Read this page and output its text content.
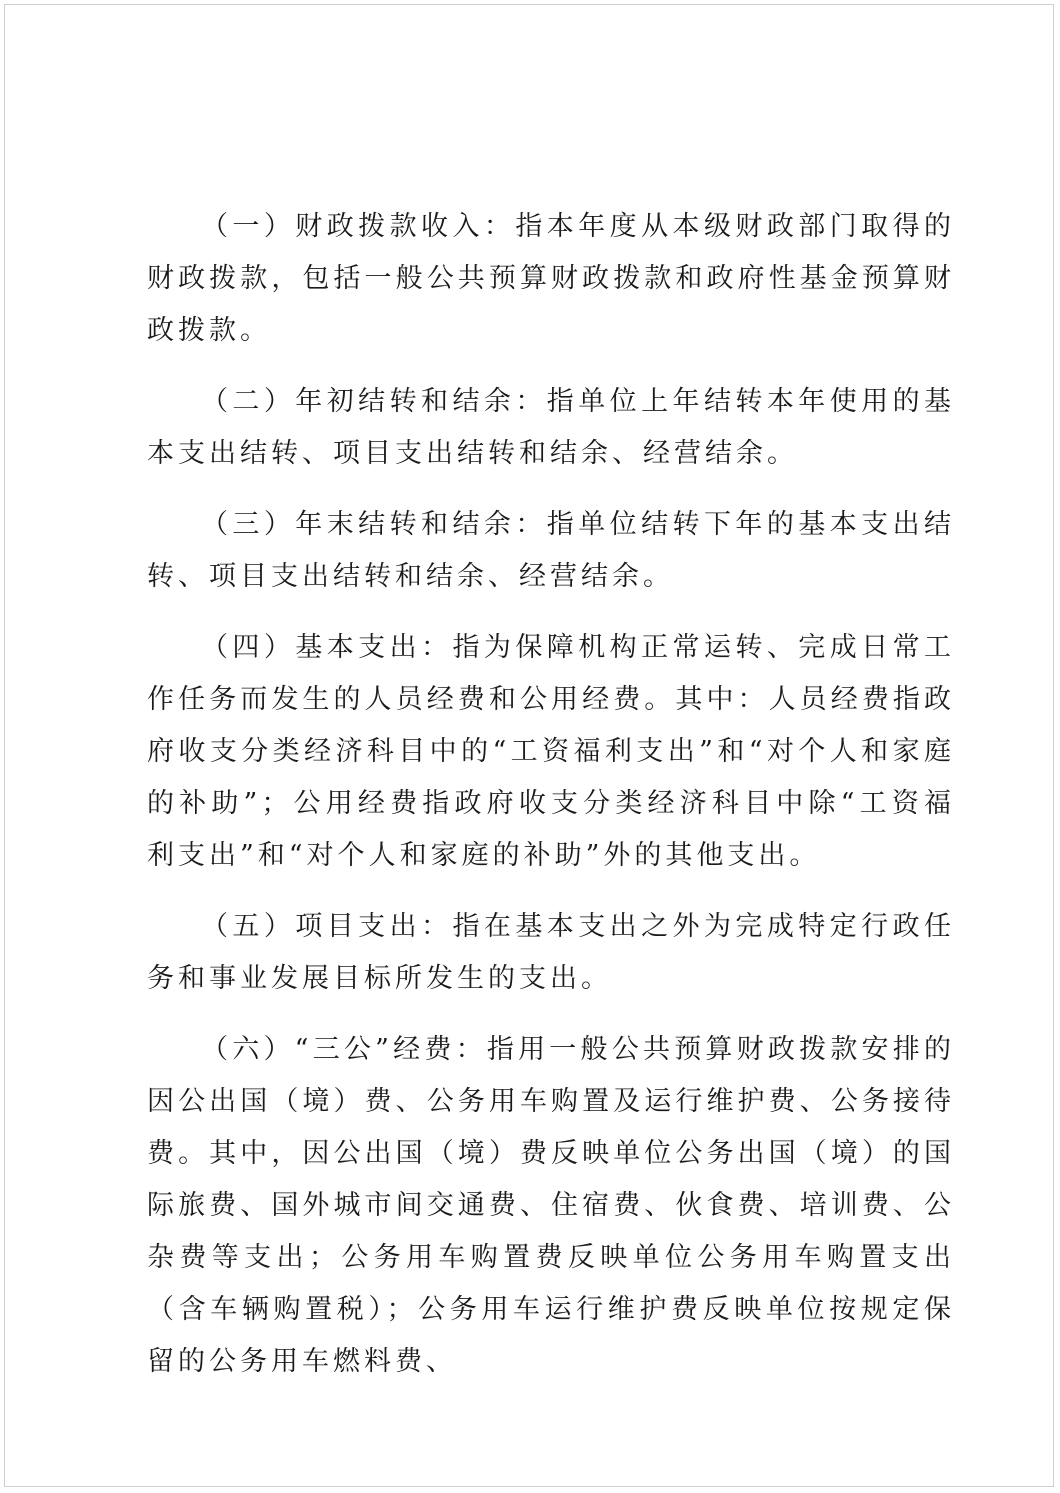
（一）财政拨款收入：指本年度从本级财政部门取得的财政拨款，包括一般公共预算财政拨款和政府性基金预算财政拨款。

（二）年初结转和结余：指单位上年结转本年使用的基本支出结转、项目支出结转和结余、经营结余。

（三）年末结转和结余：指单位结转下年的基本支出结转、项目支出结转和结余、经营结余。

（四）基本支出：指为保障机构正常运转、完成日常工作任务而发生的人员经费和公用经费。其中：人员经费指政府收支分类经济科目中的“工资福利支出”和“对个人和家庭的补助”；公用经费指政府收支分类经济科目中除“工资福利支出”和“对个人和家庭的补助”外的其他支出。

（五）项目支出：指在基本支出之外为完成特定行政任务和事业发展目标所发生的支出。

（六）“三公”经费：指用一般公共预算财政拨款安排的因公出国（境）费、公务用车购置及运行维护费、公务接待费。其中，因公出国（境）费反映单位公务出国（境）的国际旅费、国外城市间交通费、住宿费、伙食费、培训费、公杂费等支出；公务用车购置费反映单位公务用车购置支出（含车辆购置税）；公务用车运行维护费反映单位按规定保留的公务用车燃料费、
